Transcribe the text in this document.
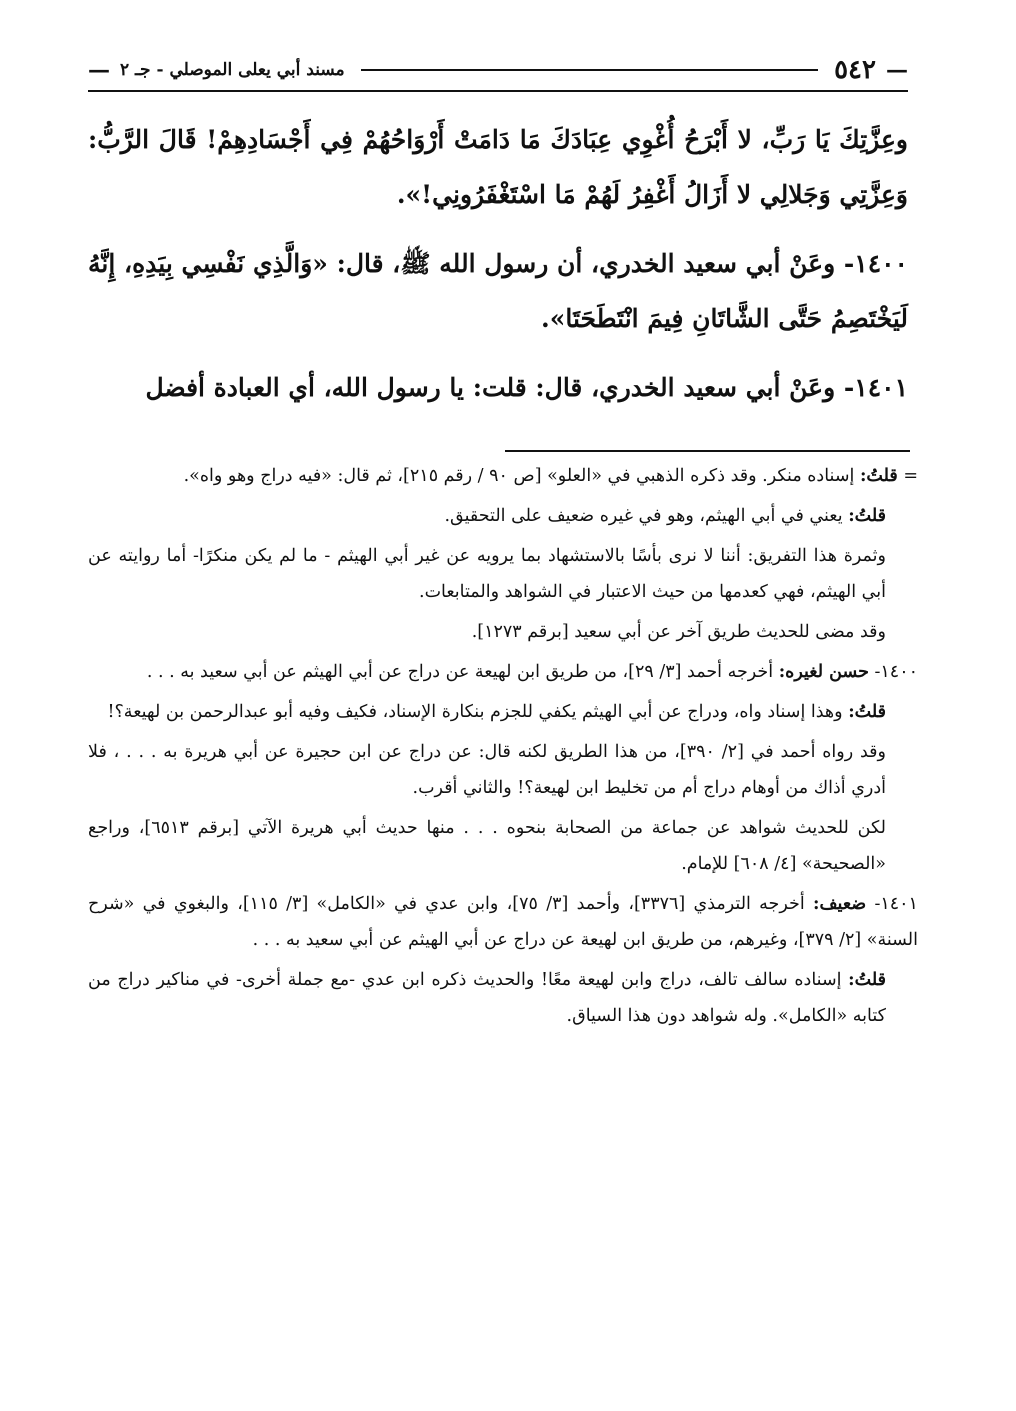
—
٥٤٢
مسند أبي يعلى الموصلي - جـ ٢
—

وعِزَّتِكَ يَا رَبِّ، لا أَبْرَحُ أُغْوِي عِبَادَكَ مَا دَامَتْ أَرْوَاحُهُمْ فِي أَجْسَادِهِمْ! قَالَ الرَّبُّ: وَعِزَّتِي وَجَلالِي لا أَزَالُ أَغْفِرُ لَهُمْ مَا اسْتَغْفَرُونِي!».

١٤٠٠- وعَنْ أبي سعيد الخدري، أن رسول الله ﷺ، قال: «وَالَّذِي نَفْسِي بِيَدِهِ، إِنَّهُ لَيَخْتَصِمُ حَتَّى الشَّاتَانِ فِيمَ انْتَطَحَتَا».

١٤٠١- وعَنْ أبي سعيد الخدري، قال: قلت: يا رسول الله، أي العبادة أفضل

= قلتُ: إسناده منكر. وقد ذكره الذهبي في «العلو» [ص ٩٠ / رقم ٢١٥]، ثم قال: «فيه دراج وهو واه».

قلتُ: يعني في أبي الهيثم، وهو في غيره ضعيف على التحقيق.

وثمرة هذا التفريق: أننا لا نرى بأسًا بالاستشهاد بما يرويه عن غير أبي الهيثم - ما لم يكن منكرًا- أما روايته عن أبي الهيثم، فهي كعدمها من حيث الاعتبار في الشواهد والمتابعات.

وقد مضى للحديث طريق آخر عن أبي سعيد [برقم ١٢٧٣].

١٤٠٠- حسن لغيره: أخرجه أحمد [٣/ ٢٩]، من طريق ابن لهيعة عن دراج عن أبي الهيثم عن أبي سعيد به . . .

قلتُ: وهذا إسناد واه، ودراج عن أبي الهيثم يكفي للجزم بنكارة الإسناد، فكيف وفيه أبو عبدالرحمن بن لهيعة؟!

وقد رواه أحمد في [٢/ ٣٩٠]، من هذا الطريق لكنه قال: عن دراج عن ابن حجيرة عن أبي هريرة به . . . ، فلا أدري أذاك من أوهام دراج أم من تخليط ابن لهيعة؟! والثاني أقرب.

لكن للحديث شواهد عن جماعة من الصحابة بنحوه . . . منها حديث أبي هريرة الآتي [برقم ٦٥١٣]، وراجع «الصحيحة» [٤/ ٦٠٨] للإمام.

١٤٠١- ضعيف: أخرجه الترمذي [٣٣٧٦]، وأحمد [٣/ ٧٥]، وابن عدي في «الكامل» [٣/ ١١٥]، والبغوي في «شرح السنة» [٢/ ٣٧٩]، وغيرهم، من طريق ابن لهيعة عن دراج عن أبي الهيثم عن أبي سعيد به . . .

قلتُ: إسناده سالف تالف، دراج وابن لهيعة معًا! والحديث ذكره ابن عدي -مع جملة أخرى- في مناكير دراج من كتابه «الكامل». وله شواهد دون هذا السياق.
